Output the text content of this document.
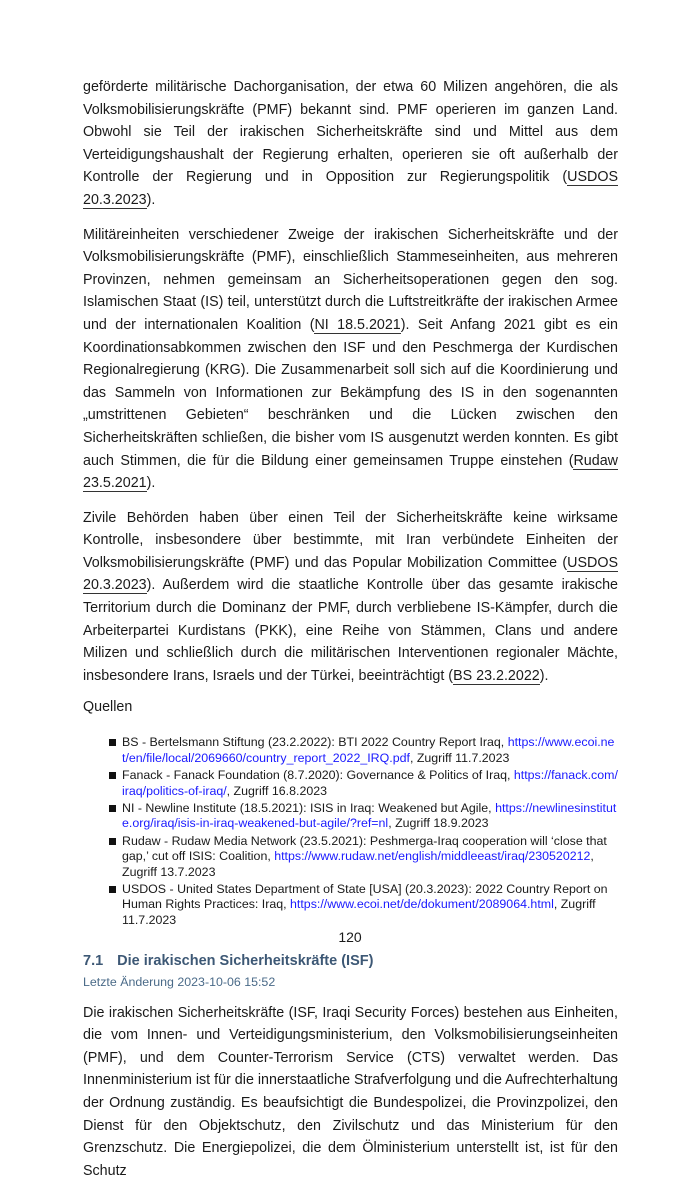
geförderte militärische Dachorganisation, der etwa 60 Milizen angehören, die als Volksmobilisierungskräfte (PMF) bekannt sind. PMF operieren im ganzen Land. Obwohl sie Teil der irakischen Sicherheitskräfte sind und Mittel aus dem Verteidigungshaushalt der Regierung erhalten, operieren sie oft außerhalb der Kontrolle der Regierung und in Opposition zur Regierungspolitik (USDOS 20.3.2023).

Militäreinheiten verschiedener Zweige der irakischen Sicherheitskräfte und der Volksmobilisierungskräfte (PMF), einschließlich Stammeseinheiten, aus mehreren Provinzen, nehmen gemeinsam an Sicherheitsoperationen gegen den sog. Islamischen Staat (IS) teil, unterstützt durch die Luftstreitkräfte der irakischen Armee und der internationalen Koalition (NI 18.5.2021). Seit Anfang 2021 gibt es ein Koordinationsabkommen zwischen den ISF und den Peschmerga der Kurdischen Regionalregierung (KRG). Die Zusammenarbeit soll sich auf die Koordinierung und das Sammeln von Informationen zur Bekämpfung des IS in den sogenannten „umstrittenen Gebieten“ beschränken und die Lücken zwischen den Sicherheitskräften schließen, die bisher vom IS ausgenutzt werden konnten. Es gibt auch Stimmen, die für die Bildung einer gemeinsamen Truppe einstehen (Rudaw 23.5.2021).

Zivile Behörden haben über einen Teil der Sicherheitskräfte keine wirksame Kontrolle, insbesondere über bestimmte, mit Iran verbündete Einheiten der Volksmobilisierungskräfte (PMF) und das Popular Mobilization Committee (USDOS 20.3.2023). Außerdem wird die staatliche Kontrolle über das gesamte irakische Territorium durch die Dominanz der PMF, durch verbliebene IS-Kämpfer, durch die Arbeiterpartei Kurdistans (PKK), eine Reihe von Stämmen, Clans und andere Milizen und schließlich durch die militärischen Interventionen regionaler Mächte, insbesondere Irans, Israels und der Türkei, beeinträchtigt (BS 23.2.2022).

Quellen
BS - Bertelsmann Stiftung (23.2.2022): BTI 2022 Country Report Iraq, https://www.ecoi.net/en/file/local/2069660/country_report_2022_IRQ.pdf, Zugriff 11.7.2023
Fanack - Fanack Foundation (8.7.2020): Governance & Politics of Iraq, https://fanack.com/iraq/politics-of-iraq/, Zugriff 16.8.2023
NI - Newline Institute (18.5.2021): ISIS in Iraq: Weakened but Agile, https://newlinesinstitute.org/iraq/isis-in-iraq-weakened-but-agile/?ref=nl, Zugriff 18.9.2023
Rudaw - Rudaw Media Network (23.5.2021): Peshmerga-Iraq cooperation will ‘close that gap,’ cut off ISIS: Coalition, https://www.rudaw.net/english/middleeast/iraq/230520212, Zugriff 13.7.2023
USDOS - United States Department of State [USA] (20.3.2023): 2022 Country Report on Human Rights Practices: Iraq, https://www.ecoi.net/de/dokument/2089064.html, Zugriff 11.7.2023
7.1 Die irakischen Sicherheitskräfte (ISF)
Letzte Änderung 2023-10-06 15:52

Die irakischen Sicherheitskräfte (ISF, Iraqi Security Forces) bestehen aus Einheiten, die vom Innen- und Verteidigungsministerium, den Volksmobilisierungseinheiten (PMF), und dem Counter-Terrorism Service (CTS) verwaltet werden. Das Innenministerium ist für die innerstaatliche Strafverfolgung und die Aufrechterhaltung der Ordnung zuständig. Es beaufsichtigt die Bundespolizei, die Provinzpolizei, den Dienst für den Objektschutz, den Zivilschutz und das Ministerium für den Grenzschutz. Die Energiepolizei, die dem Ölministerium unterstellt ist, ist für den Schutz

120
